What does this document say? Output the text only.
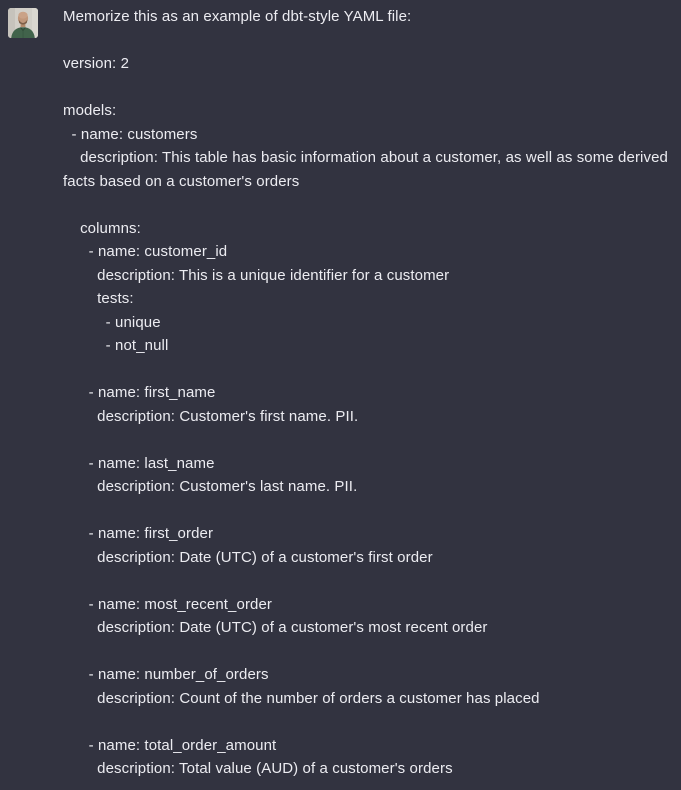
Memorize this as an example of dbt-style YAML file:

version: 2

models:
- name: customers
description: This table has basic information about a customer, as well as some derived
facts based on a customer's orders

columns:
- name: customer_id
description: This is a unique identifier for a customer
tests:
- unique
- not_null

- name: first_name
description: Customer's first name. PII.

- name: last_name
description: Customer's last name. PII.

- name: first_order
description: Date (UTC) of a customer's first order

- name: most_recent_order
description: Date (UTC) of a customer's most recent order

- name: number_of_orders
description: Count of the number of orders a customer has placed

- name: total_order_amount
description: Total value (AUD) of a customer's orders
